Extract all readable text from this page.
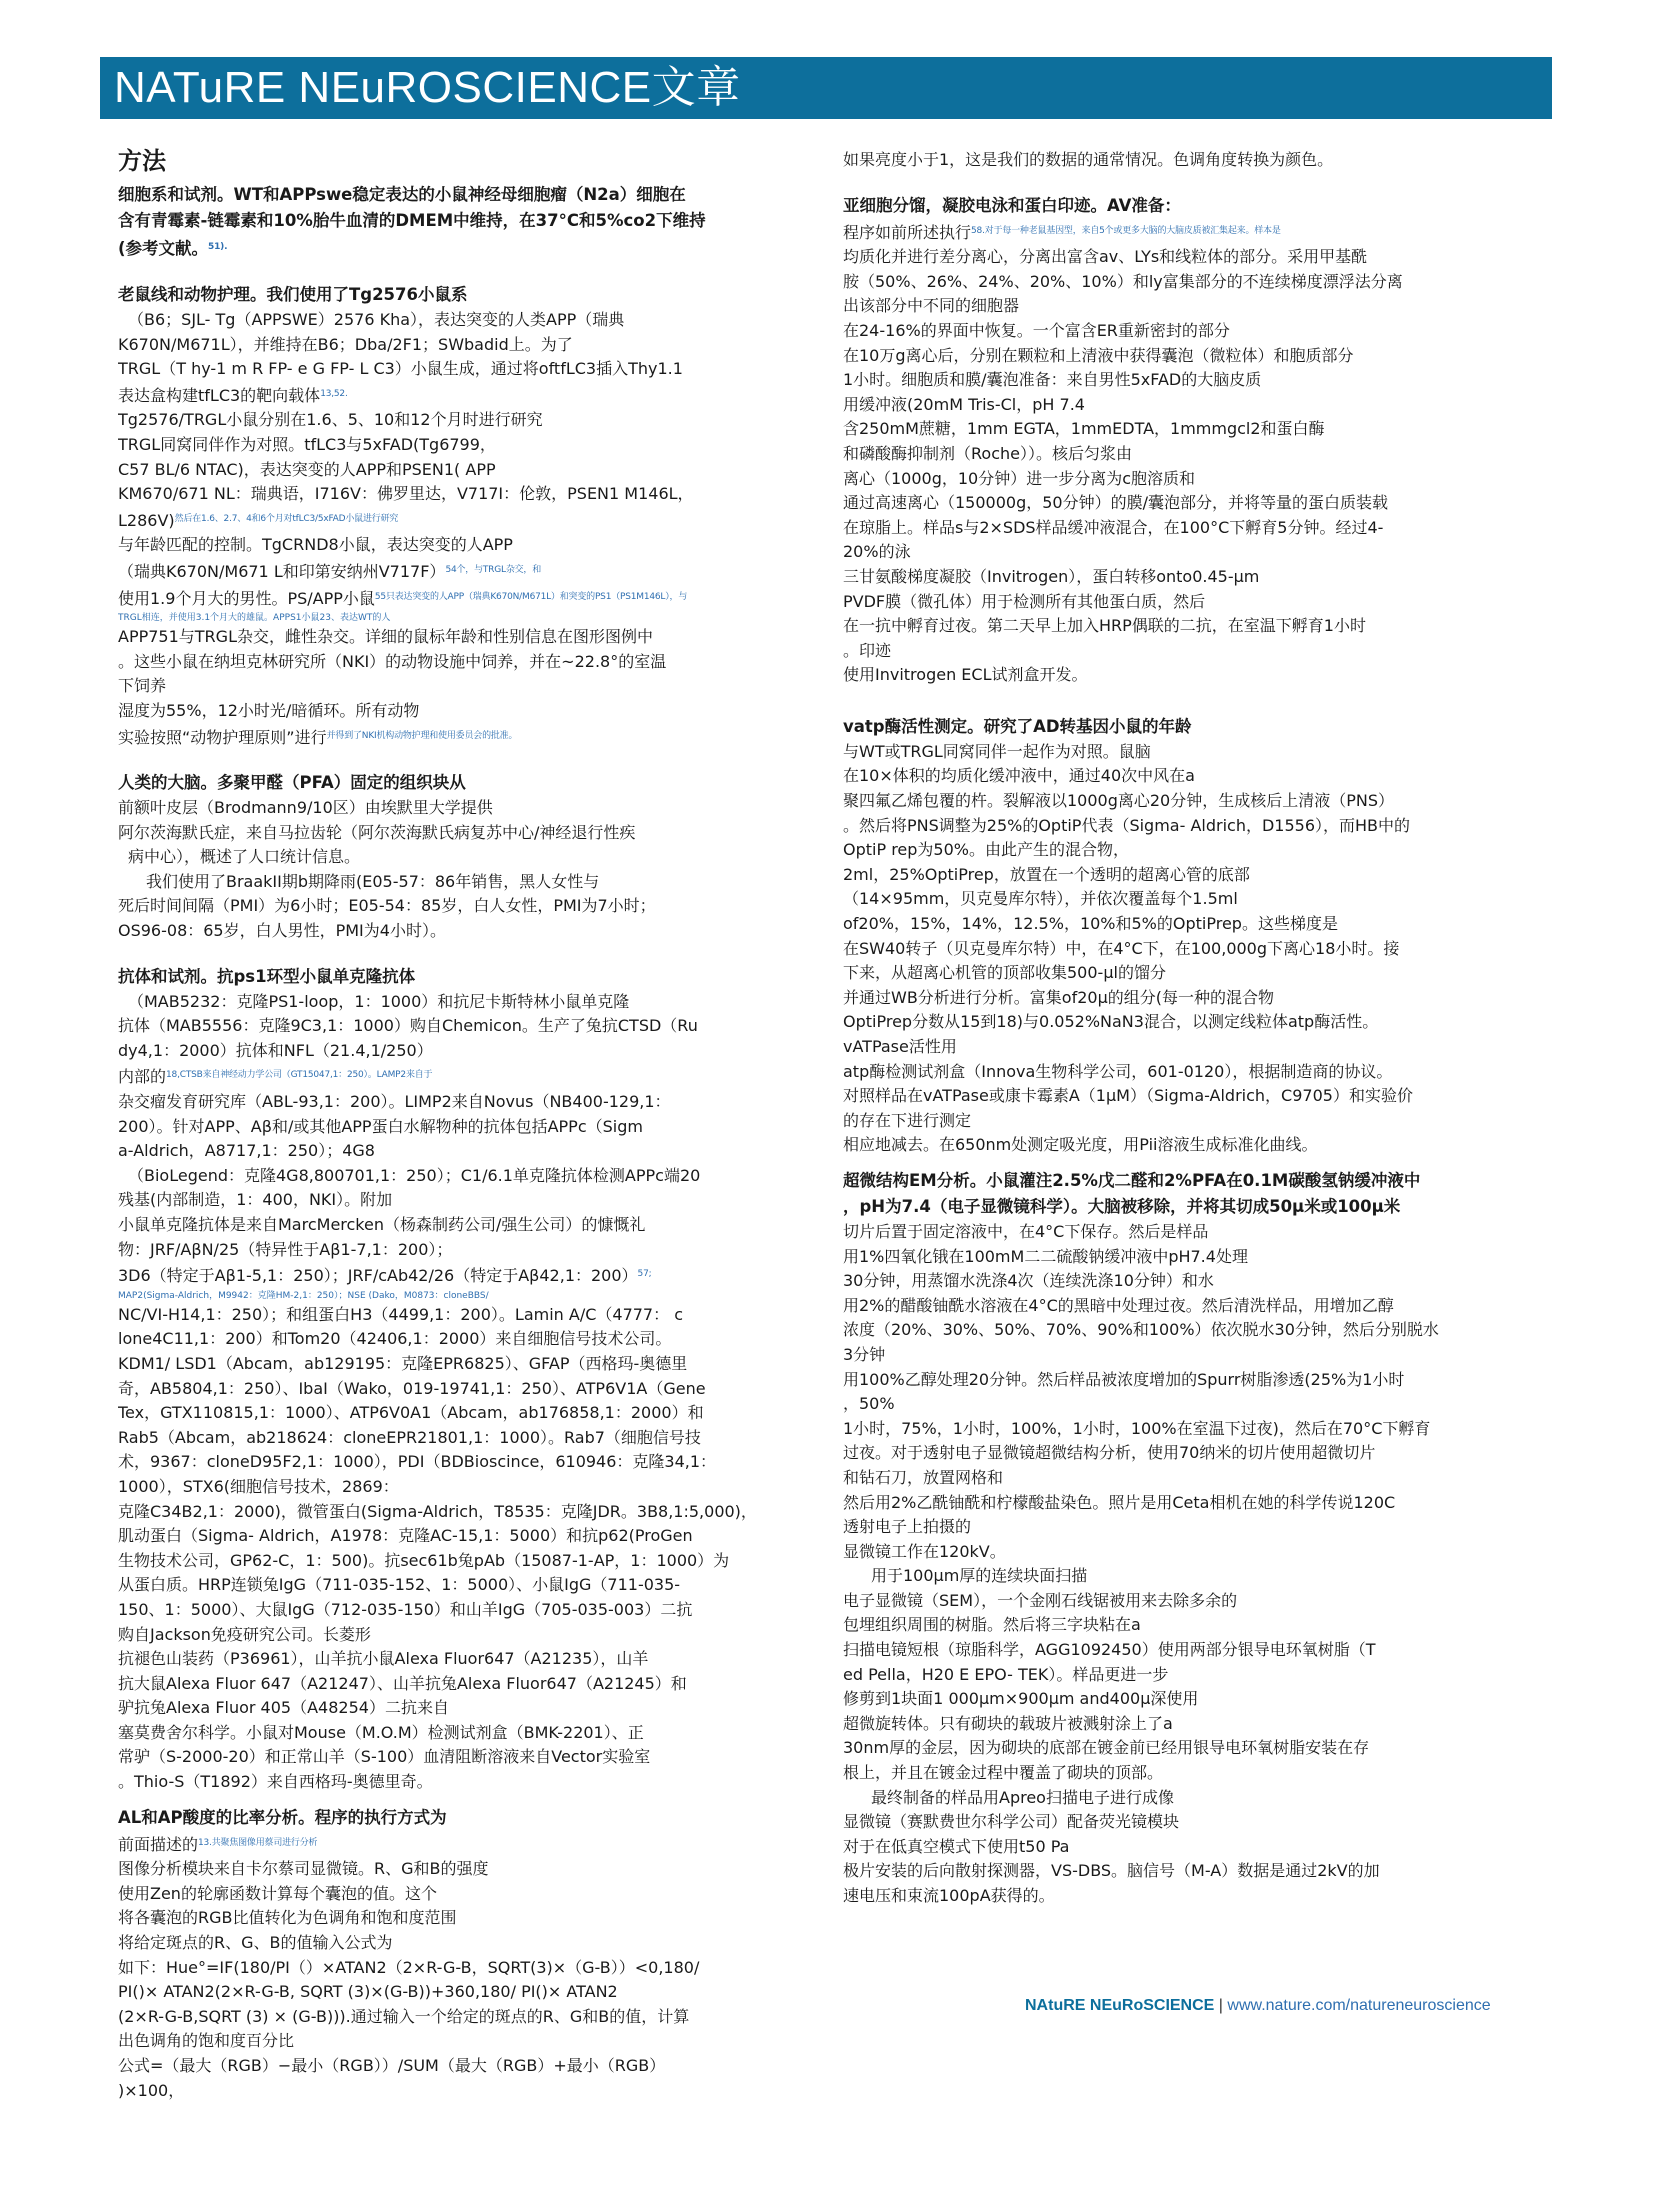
NATuRE NEuROSCIENCE文章
方法

细胞系和试剂。WT和APPswe稳定表达的小鼠神经母细胞瘤（N2a）细胞在

含有青霉素-链霉素和10%胎牛血清的DMEM中维持，在37°C和5%co2下维持

(参考文献。$^{51).}$

老鼠线和动物护理。我们使用了Tg2576小鼠系

（B6；SJL- Tg（APPSWE）2576 Kha），表达突变的人类APP（瑞典

K670N/M671L），并维持在B6；Dba/2F1；SWbadid上。为了

TRGL（T hy-1 m R FP- e G FP- L C3）小鼠生成，通过将oftfLC3插入Thy1.1

表达盒构建tfLC3的靶向载体$^{13,52.}$

Tg2576/TRGL小鼠分别在1.6、5、10和12个月时进行研究

TRGL同窝同伴作为对照。tfLC3与5xFAD(Tg6799，

C57 BL/6 NTAC)，表达突变的人APP和PSEN1( APP

KM670/671 NL：瑞典语，I716V：佛罗里达，V717I：伦敦，PSEN1 M146L，

L286V)$^{然后在1.6、2.7、4和6个月对tfLC3/5xFAD小鼠进行研究}$

与年龄匹配的控制。TgCRND8小鼠，表达突变的人APP

（瑞典K670N/M671 L和印第安纳州V717F）$^{54个,与TRGL杂交,和}$

使用1.9个月大的男性。PS/APP小鼠$^{55只表达突变的人APP(瑞典K670N/M671L)和突变的PS1(PS1M146L),与}$

TRGL相连，并使用3.1个月大的雄鼠。APPS1小鼠23、表达WT的人

APP751与TRGL杂交，雌性杂交。详细的鼠标年龄和性别信息在图形图例中

。这些小鼠在纳坦克林研究所（NKI）的动物设施中饲养，并在~22.8°的室温

下饲养

湿度为55%，12小时光/暗循环。所有动物

实验按照“动物护理原则”进行$^{并得到了NKI机构动物护理和使用委员会的批准。}$

人类的大脑。多聚甲醛（PFA）固定的组织块从

前额叶皮层（Brodmann9/10区）由埃默里大学提供

阿尔茨海默氏症，来自马拉齿轮（阿尔茨海默氏病复苏中心/神经退行性疾

病中心），概述了人口统计信息。

我们使用了BraakII期b期降雨(E05-57：86年销售，黑人女性与

死后时间间隔（PMI）为6小时；E05-54：85岁，白人女性，PMI为7小时；

OS96-08：65岁，白人男性，PMI为4小时）。

抗体和试剂。抗ps1环型小鼠单克隆抗体

（MAB5232：克隆PS1-loop，1：1000）和抗尼卡斯特林小鼠单克隆

抗体（MAB5556：克隆9C3,1：1000）购自Chemicon。生产了兔抗CTSD（Ru

dy4,1：2000）抗体和NFL（21.4,1/250）

内部的$^{18,CTSB来自神经动力学公司(GT15047,1:250)。LAMP2来自于}$

杂交瘤发育研究库（ABL-93,1：200）。LIMP2来自Novus（NB400-129,1：

200）。针对APP、Aβ和/或其他APP蛋白水解物种的抗体包括APPc（Sigm

a-Aldrich，A8717,1：250）；4G8

（BioLegend：克隆4G8,800701,1：250）；C1/6.1单克隆抗体检测APPc端20

残基(内部制造，1：400，NKI）。附加

小鼠单克隆抗体是来自MarcMercken（杨森制药公司/强生公司）的慷慨礼

物：JRF/AβN/25（特异性于Aβ1-7,1：200）；

3D6（特定于Aβ1-5,1：250）；JRF/cAb42/26（特定于Aβ42,1：200）$^{57;}$

MAP2(Sigma-Aldrich，M9942：克隆HM-2,1：250）；NSE (Dako，M0873：cloneBBS/

NC/VI-H14,1：250）；和组蛋白H3（4499,1：200）。Lamin A/C（4777： c

lone4C11,1：200）和Tom20（42406,1：2000）来自细胞信号技术公司。

KDM1/ LSD1（Abcam，ab129195：克隆EPR6825）、GFAP（西格玛-奥德里

奇，AB5804,1：250）、IbaI（Wako，019-19741,1：250）、ATP6V1A（Gene

Tex，GTX110815,1：1000）、ATP6V0A1（Abcam，ab176858,1：2000）和

Rab5（Abcam，ab218624：cloneEPR21801,1：1000）。Rab7（细胞信号技

术，9367：cloneD95F2,1：1000），PDI（BDBioscince，610946：克隆34,1：

1000），STX6(细胞信号技术，2869：

克隆C34B2,1：2000)，微管蛋白(Sigma-Aldrich，T8535：克隆JDR。3B8,1:5,000)，

肌动蛋白（Sigma- Aldrich，A1978：克隆AC-15,1：5000）和抗p62(ProGen

生物技术公司，GP62-C，1：500)。抗sec61b兔pAb（15087-1-AP，1：1000）为

从蛋白质。HRP连锁兔IgG（711-035-152、1：5000）、小鼠IgG（711-035-

150、1：5000）、大鼠IgG（712-035-150）和山羊IgG（705-035-003）二抗

购自Jackson免疫研究公司。长菱形

抗褪色山装药（P36961），山羊抗小鼠Alexa Fluor647（A21235），山羊

抗大鼠Alexa Fluor 647（A21247）、山羊抗兔Alexa Fluor647（A21245）和

驴抗兔Alexa Fluor 405（A48254）二抗来自

塞莫费舍尔科学。小鼠对Mouse（M.O.M）检测试剂盒（BMK-2201）、正

常驴（S-2000-20）和正常山羊（S-100）血清阻断溶液来自Vector实验室

。Thio-S（T1892）来自西格玛-奥德里奇。

AL和AP酸度的比率分析。程序的执行方式为

前面描述的$^{13.共聚焦图像用蔡司进行分析}$

图像分析模块来自卡尔蔡司显微镜。R、G和B的强度

使用Zen的轮廓函数计算每个囊泡的值。这个

将各囊泡的RGB比值转化为色调角和饱和度范围

将给定斑点的R、G、B的值输入公式为

如下：Hue°=IF(180/PI（）×ATAN2（2×R-G-B，SQRT(3)×（G-B））<0,180/

PI()× ATAN2(2×R-G-B, SQRT (3)×(G-B))+360,180/ PI()× ATAN2

(2×R-G-B,SQRT (3) × (G-B))).通过输入一个给定的斑点的R、G和B的值，计算

出色调角的饱和度百分比

公式=（最大（RGB）−最小（RGB））/SUM（最大（RGB）+最小（RGB）

)×100，

如果亮度小于1，这是我们的数据的通常情况。色调角度转换为颜色。

亚细胞分馏，凝胶电泳和蛋白印迹。AV准备：

程序如前所述执行$^{58.对于每一种老鼠基因型,来自5个或更多大脑的大脑皮质被汇集起来。样本是}$

均质化并进行差分离心，分离出富含av、LYs和线粒体的部分。采用甲基酰

胺（50%、26%、24%、20%、10%）和ly富集部分的不连续梯度漂浮法分离

出该部分中不同的细胞器

在24-16%的界面中恢复。一个富含ER重新密封的部分

在10万g离心后，分别在颗粒和上清液中获得囊泡（微粒体）和胞质部分

1小时。细胞质和膜/囊泡准备：来自男性5xFAD的大脑皮质

用缓冲液(20mM Tris-Cl，pH 7.4

含250mM蔗糖，1mm EGTA，1mmEDTA，1mmmgcl2和蛋白酶

和磷酸酶抑制剂（Roche））。核后匀浆由

离心（1000g，10分钟）进一步分离为c胞溶质和

通过高速离心（150000g，50分钟）的膜/囊泡部分，并将等量的蛋白质装载

在琼脂上。样品s与2×SDS样品缓冲液混合，在100°C下孵育5分钟。经过4-

20%的泳

三甘氨酸梯度凝胶（Invitrogen），蛋白转移onto0.45-μm

PVDF膜（微孔体）用于检测所有其他蛋白质，然后

在一抗中孵育过夜。第二天早上加入HRP偶联的二抗，在室温下孵育1小时

。印迹

使用Invitrogen ECL试剂盒开发。

vatp酶活性测定。研究了AD转基因小鼠的年龄

与WT或TRGL同窝同伴一起作为对照。鼠脑

在10×体积的均质化缓冲液中，通过40次中风在a

聚四氟乙烯包覆的杵。裂解液以1000g离心20分钟，生成核后上清液（PNS）

。然后将PNS调整为25%的OptiP代表（Sigma- Aldrich，D1556），而HB中的

OptiP rep为50%。由此产生的混合物，

2ml，25%OptiPrep，放置在一个透明的超离心管的底部

（14×95mm，贝克曼库尔特），并依次覆盖每个1.5ml

of20%，15%，14%，12.5%，10%和5%的OptiPrep。这些梯度是

在SW40转子（贝克曼库尔特）中，在4°C下，在100,000g下离心18小时。接

下来，从超离心机管的顶部收集500-μl的馏分

并通过WB分析进行分析。富集of20μ的组分(每一种的混合物

OptiPrep分数从15到18)与0.052%NaN3混合，以测定线粒体atp酶活性。

vATPase活性用

atp酶检测试剂盒（Innova生物科学公司，601-0120），根据制造商的协议。

对照样品在vATPase或康卡霉素A（1μM）（Sigma-Aldrich，C9705）和实验价

的存在下进行测定

相应地减去。在650nm处测定吸光度，用Pii溶液生成标准化曲线。

超微结构EM分析。小鼠灌注2.5%戊二醛和2%PFA在0.1M碳酸氢钠缓冲液中

，pH为7.4（电子显微镜科学）。大脑被移除，并将其切成50μ米或100μ米

切片后置于固定溶液中，在4°C下保存。然后是样品

用1%四氧化锇在100mM二二硫酸钠缓冲液中pH7.4处理

30分钟，用蒸馏水洗涤4次（连续洗涤10分钟）和水

用2%的醋酸铀酰水溶液在4°C的黑暗中处理过夜。然后清洗样品，用增加乙醇

浓度（20%、30%、50%、70%、90%和100%）依次脱水30分钟，然后分别脱水

3分钟

用100%乙醇处理20分钟。然后样品被浓度增加的Spurr树脂渗透(25%为1小时

，50%

1小时，75%，1小时，100%，1小时，100%在室温下过夜)，然后在70°C下孵育

过夜。对于透射电子显微镜超微结构分析，使用70纳米的切片使用超微切片

和钻石刀，放置网格和

然后用2%乙酰铀酰和柠檬酸盐染色。照片是用Ceta相机在她的科学传说120C

透射电子上拍摄的

显微镜工作在120kV。

用于100μm厚的连续块面扫描

电子显微镜（SEM），一个金刚石线锯被用来去除多余的

包埋组织周围的树脂。然后将三字块粘在a

扫描电镜短根（琼脂科学，AGG1092450）使用两部分银导电环氧树脂（T

ed Pella，H20 E EPO- TEK）。样品更进一步

修剪到1块面1 000μm×900μm and400μ深使用

超微旋转体。只有砌块的载玻片被溅射涂上了a

30nm厚的金层，因为砌块的底部在镀金前已经用银导电环氧树脂安装在存

根上，并且在镀金过程中覆盖了砌块的顶部。

最终制备的样品用Apreo扫描电子进行成像

显微镜（赛默费世尔科学公司）配备荧光镜模块

对于在低真空模式下使用t50 Pa

极片安装的后向散射探测器，VS-DBS。脑信号（M-A）数据是通过2kV的加

速电压和束流100pA获得的。

NAtuRE NEuRoSCIENCE | www.nature.com/natureneuroscience
